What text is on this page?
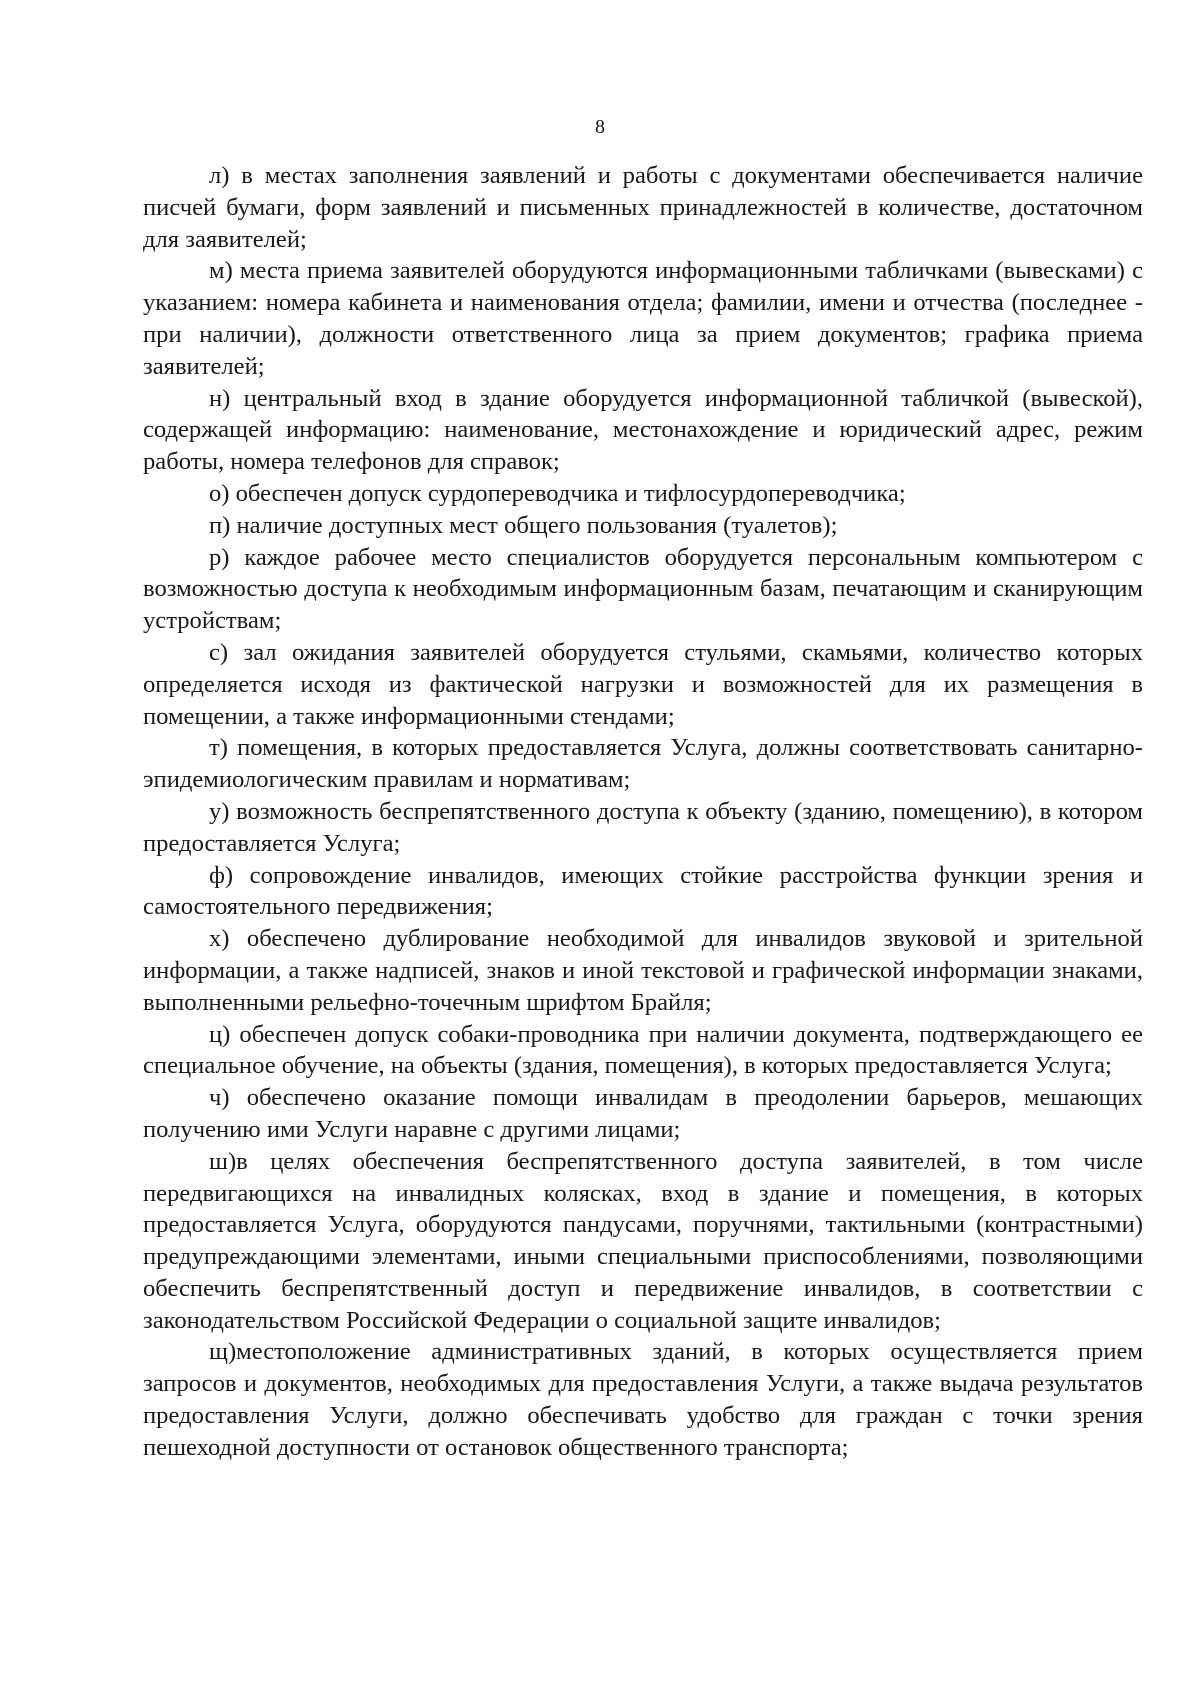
8

л) в местах заполнения заявлений и работы с документами обеспечивается наличие писчей бумаги, форм заявлений и письменных принадлежностей в количестве, достаточном для заявителей;

м) места приема заявителей оборудуются информационными табличками (вывесками) с указанием: номера кабинета и наименования отдела; фамилии, имени и отчества (последнее - при наличии), должности ответственного лица за прием документов; графика приема заявителей;

н) центральный вход в здание оборудуется информационной табличкой (вывеской), содержащей информацию: наименование, местонахождение и юридический адрес, режим работы, номера телефонов для справок;

о) обеспечен допуск сурдопереводчика и тифлосурдопереводчика;

п) наличие доступных мест общего пользования (туалетов);

р) каждое рабочее место специалистов оборудуется персональным компьютером с возможностью доступа к необходимым информационным базам, печатающим и сканирующим устройствам;

с) зал ожидания заявителей оборудуется стульями, скамьями, количество которых определяется исходя из фактической нагрузки и возможностей для их размещения в помещении, а также информационными стендами;

т) помещения, в которых предоставляется Услуга, должны соответствовать санитарно-эпидемиологическим правилам и нормативам;

у) возможность беспрепятственного доступа к объекту (зданию, помещению), в котором предоставляется Услуга;

ф) сопровождение инвалидов, имеющих стойкие расстройства функции зрения и самостоятельного передвижения;

х) обеспечено дублирование необходимой для инвалидов звуковой и зрительной информации, а также надписей, знаков и иной текстовой и графической информации знаками, выполненными рельефно-точечным шрифтом Брайля;

ц) обеспечен допуск собаки-проводника при наличии документа, подтверждающего ее специальное обучение, на объекты (здания, помещения), в которых предоставляется Услуга;

ч) обеспечено оказание помощи инвалидам в преодолении барьеров, мешающих получению ими Услуги наравне с другими лицами;

ш)в целях обеспечения беспрепятственного доступа заявителей, в том числе передвигающихся на инвалидных колясках, вход в здание и помещения, в которых предоставляется Услуга, оборудуются пандусами, поручнями, тактильными (контрастными) предупреждающими элементами, иными специальными приспособлениями, позволяющими обеспечить беспрепятственный доступ и передвижение инвалидов, в соответствии с законодательством Российской Федерации о социальной защите инвалидов;

щ)местоположение административных зданий, в которых осуществляется прием запросов и документов, необходимых для предоставления Услуги, а также выдача результатов предоставления Услуги, должно обеспечивать удобство для граждан с точки зрения пешеходной доступности от остановок общественного транспорта;
